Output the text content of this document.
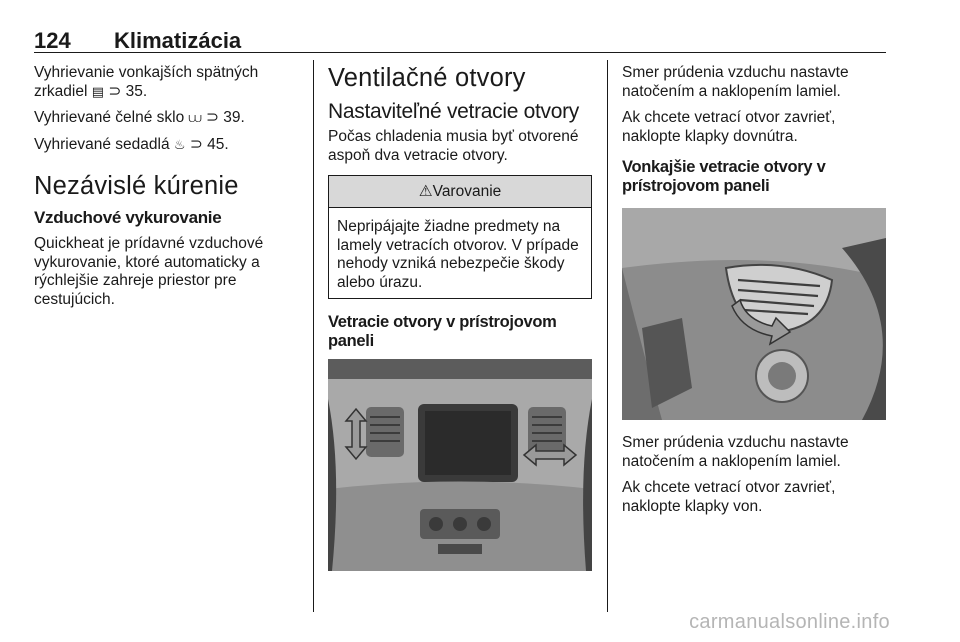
124 Klimatizácia

Vyhrievanie vonkajších spätných zrkadiel ▤ ⊃ 35.

Vyhrievané čelné sklo ⩊ ⊃ 39.

Vyhrievané sedadlá ♨ ⊃ 45.

Nezávislé kúrenie
Vzduchové vykurovanie

Quickheat je prídavné vzduchové vykurovanie, ktoré automaticky a rýchlejšie zahreje priestor pre cestujúcich.

Ventilačné otvory
Nastaviteľné vetracie otvory

Počas chladenia musia byť otvorené aspoň dva vetracie otvory.

⚠Varovanie

Nepripájajte žiadne predmety na lamely vetracích otvorov. V prípade nehody vzniká nebezpečie škody alebo úrazu.

Vetracie otvory v prístrojovom paneli

Smer prúdenia vzduchu nastavte natočením a naklopením lamiel.

Ak chcete vetrací otvor zavrieť, naklopte klapky dovnútra.

Vonkajšie vetracie otvory v prístrojovom paneli

Smer prúdenia vzduchu nastavte natočením a naklopením lamiel.

Ak chcete vetrací otvor zavrieť, naklopte klapky von.

carmanualsonline.info
